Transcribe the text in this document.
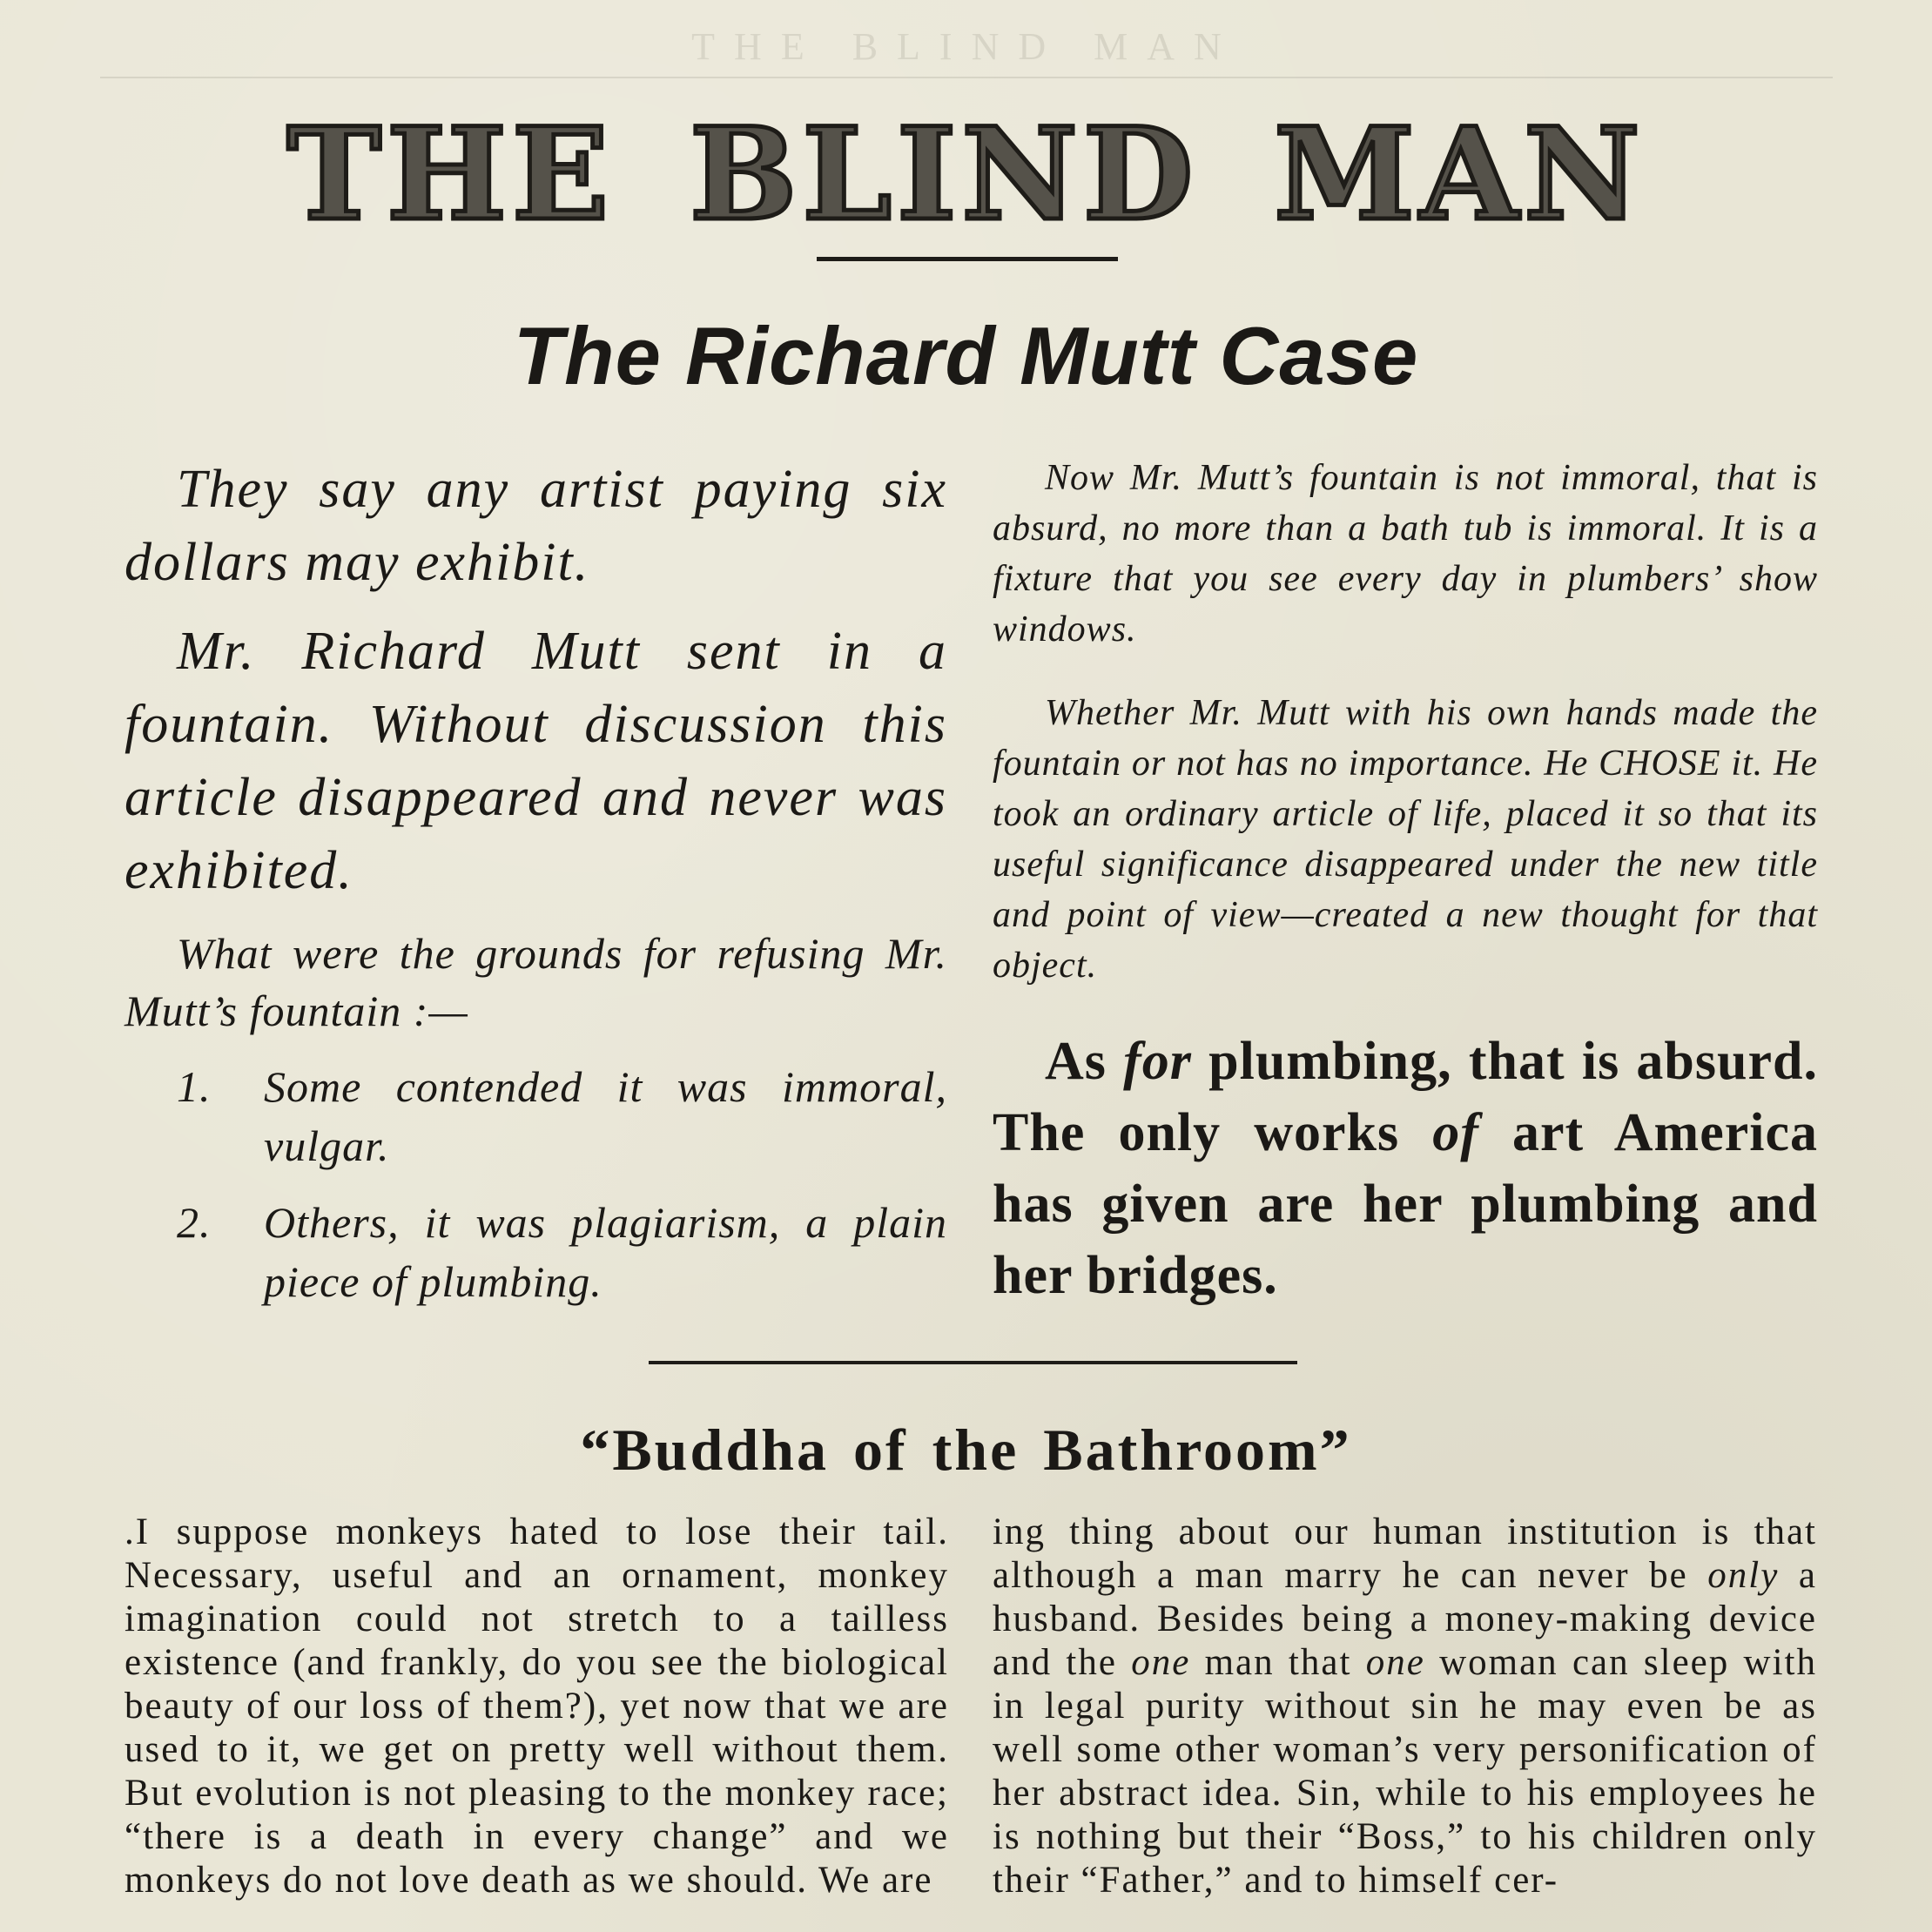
THE BLIND MAN
THE BLIND MAN
The Richard Mutt Case

They say any artist paying six dollars may exhibit.

Mr. Richard Mutt sent in a fountain. Without discussion this article disappeared and never was exhibited.

What were the grounds for refusing Mr. Mutt’s fountain :—

1. Some contended it was immoral, vulgar.
2. Others, it was plagiarism, a plain piece of plumbing.

Now Mr. Mutt’s fountain is not immoral, that is absurd, no more than a bath tub is immoral. It is a fixture that you see every day in plumbers’ show windows.

Whether Mr. Mutt with his own hands made the fountain or not has no importance. He CHOSE it. He took an ordinary article of life, placed it so that its useful significance disappeared under the new title and point of view—created a new thought for that object.

As for plumbing, that is absurd. The only works of art America has given are her plumbing and her bridges.

“Buddha of the Bathroom”

.I suppose monkeys hated to lose their tail. Necessary, useful and an ornament, monkey imagination could not stretch to a tailless existence (and frankly, do you see the biological beauty of our loss of them?), yet now that we are used to it, we get on pretty well without them. But evolution is not pleasing to the monkey race; “there is a death in every change” and we monkeys do not love death as we should. We are

ing thing about our human institution is that although a man marry he can never be only a husband. Besides being a money-making device and the one man that one woman can sleep with in legal purity without sin he may even be as well some other woman’s very personification of her abstract idea. Sin, while to his employees he is nothing but their “Boss,” to his children only their “Father,” and to himself cer-
